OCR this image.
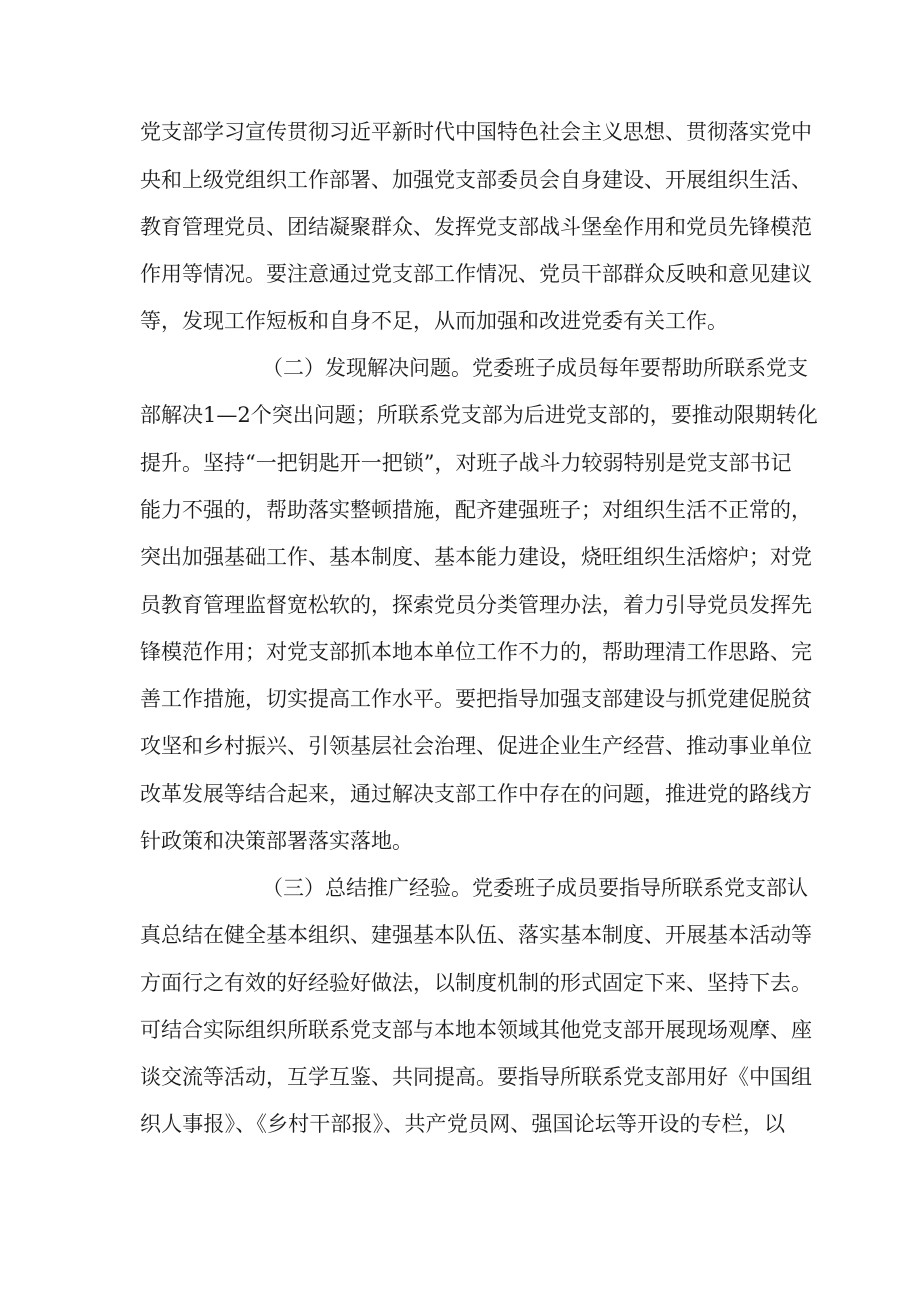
党支部学习宣传贯彻习近平新时代中国特色社会主义思想、贯彻落实党中
央和上级党组织工作部署、加强党支部委员会自身建设、开展组织生活、
教育管理党员、团结凝聚群众、发挥党支部战斗堡垒作用和党员先锋模范
作用等情况。要注意通过党支部工作情况、党员干部群众反映和意见建议
等，发现工作短板和自身不足，从而加强和改进党委有关工作。
（二）发现解决问题。党委班子成员每年要帮助所联系党支
部解决1—2个突出问题；所联系党支部为后进党支部的，要推动限期转化
提升。坚持“一把钥匙开一把锁”，对班子战斗力较弱特别是党支部书记
能力不强的，帮助落实整顿措施，配齐建强班子；对组织生活不正常的，
突出加强基础工作、基本制度、基本能力建设，烧旺组织生活熔炉；对党
员教育管理监督宽松软的，探索党员分类管理办法，着力引导党员发挥先
锋模范作用；对党支部抓本地本单位工作不力的，帮助理清工作思路、完
善工作措施，切实提高工作水平。要把指导加强支部建设与抓党建促脱贫
攻坚和乡村振兴、引领基层社会治理、促进企业生产经营、推动事业单位
改革发展等结合起来，通过解决支部工作中存在的问题，推进党的路线方
针政策和决策部署落实落地。
（三）总结推广经验。党委班子成员要指导所联系党支部认
真总结在健全基本组织、建强基本队伍、落实基本制度、开展基本活动等
方面行之有效的好经验好做法，以制度机制的形式固定下来、坚持下去。
可结合实际组织所联系党支部与本地本领域其他党支部开展现场观摩、座
谈交流等活动，互学互鉴、共同提高。要指导所联系党支部用好《中国组
织人事报》、《乡村干部报》、共产党员网、强国论坛等开设的专栏，以
